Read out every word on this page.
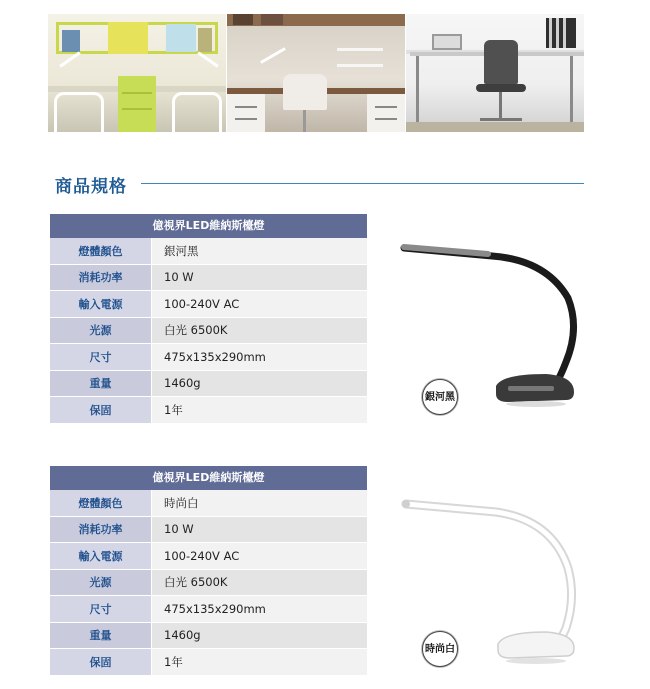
商品規格
億視界LED維納斯檯燈
燈體顏色	銀河黑
消耗功率	10 W
輸入電源	100-240V AC
光源	白光 6500K
尺寸	475x135x290mm
重量	1460g
保固	1年
銀河黑
億視界LED維納斯檯燈
燈體顏色	時尚白
消耗功率	10 W
輸入電源	100-240V AC
光源	白光 6500K
尺寸	475x135x290mm
重量	1460g
保固	1年
時尚白
